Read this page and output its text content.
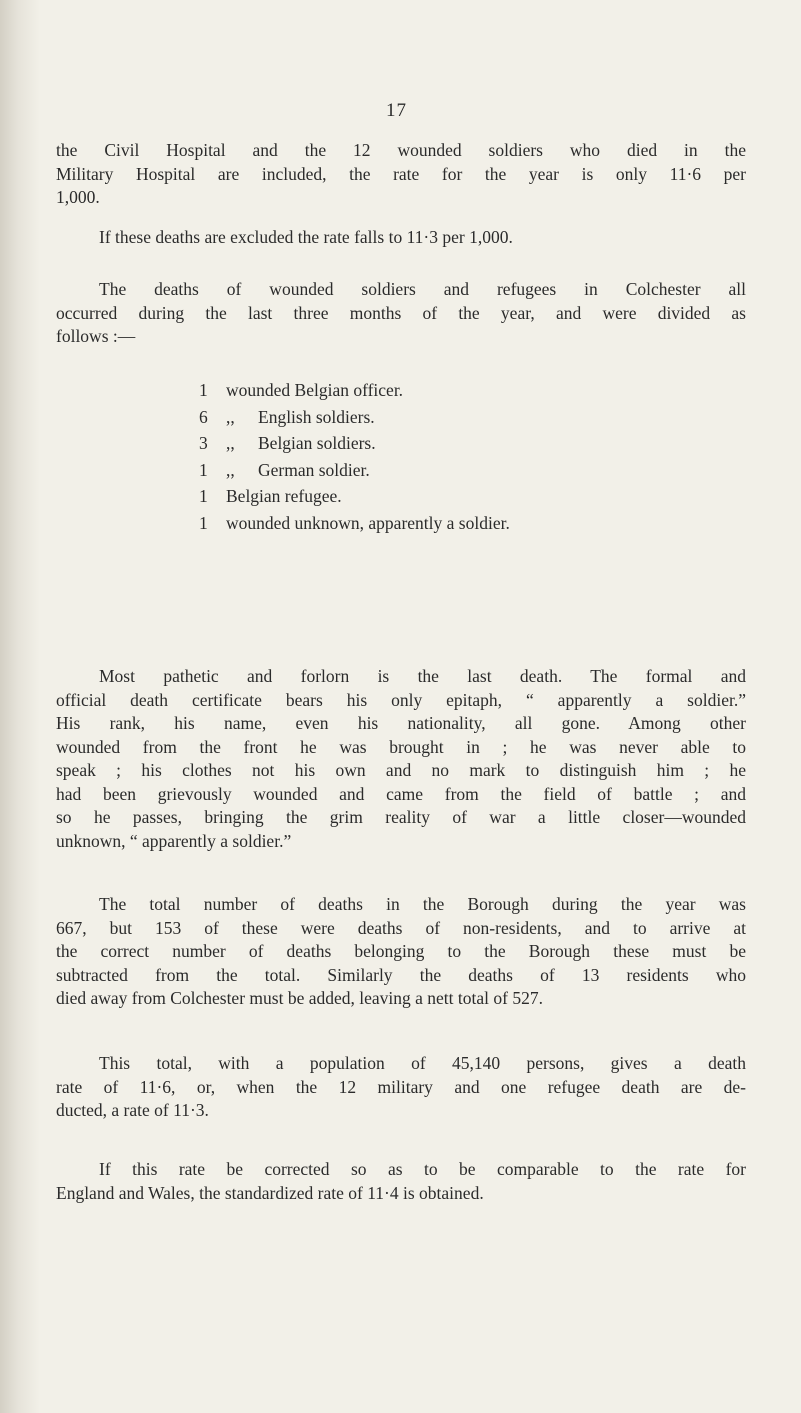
17

the Civil Hospital and the 12 wounded soldiers who died in the
Military Hospital are included, the rate for the year is only 11·6 per
1,000.

If these deaths are excluded the rate falls to 11·3 per 1,000.

The deaths of wounded soldiers and refugees in Colchester all
occurred during the last three months of the year, and were divided as
follows :—

1 wounded Belgian officer.
6 ,, English soldiers.
3 ,, Belgian soldiers.
1 ,, German soldier.
1 Belgian refugee.
1 wounded unknown, apparently a soldier.

Most pathetic and forlorn is the last death. The formal and
official death certificate bears his only epitaph, “ apparently a soldier.”
His rank, his name, even his nationality, all gone. Among other
wounded from the front he was brought in ; he was never able to
speak ; his clothes not his own and no mark to distinguish him ; he
had been grievously wounded and came from the field of battle ; and
so he passes, bringing the grim reality of war a little closer—wounded
unknown, “ apparently a soldier.”

The total number of deaths in the Borough during the year was
667, but 153 of these were deaths of non-residents, and to arrive at
the correct number of deaths belonging to the Borough these must be
subtracted from the total. Similarly the deaths of 13 residents who
died away from Colchester must be added, leaving a nett total of 527.

This total, with a population of 45,140 persons, gives a death
rate of 11·6, or, when the 12 military and one refugee death are de-
ducted, a rate of 11·3.

If this rate be corrected so as to be comparable to the rate for
England and Wales, the standardized rate of 11·4 is obtained.
